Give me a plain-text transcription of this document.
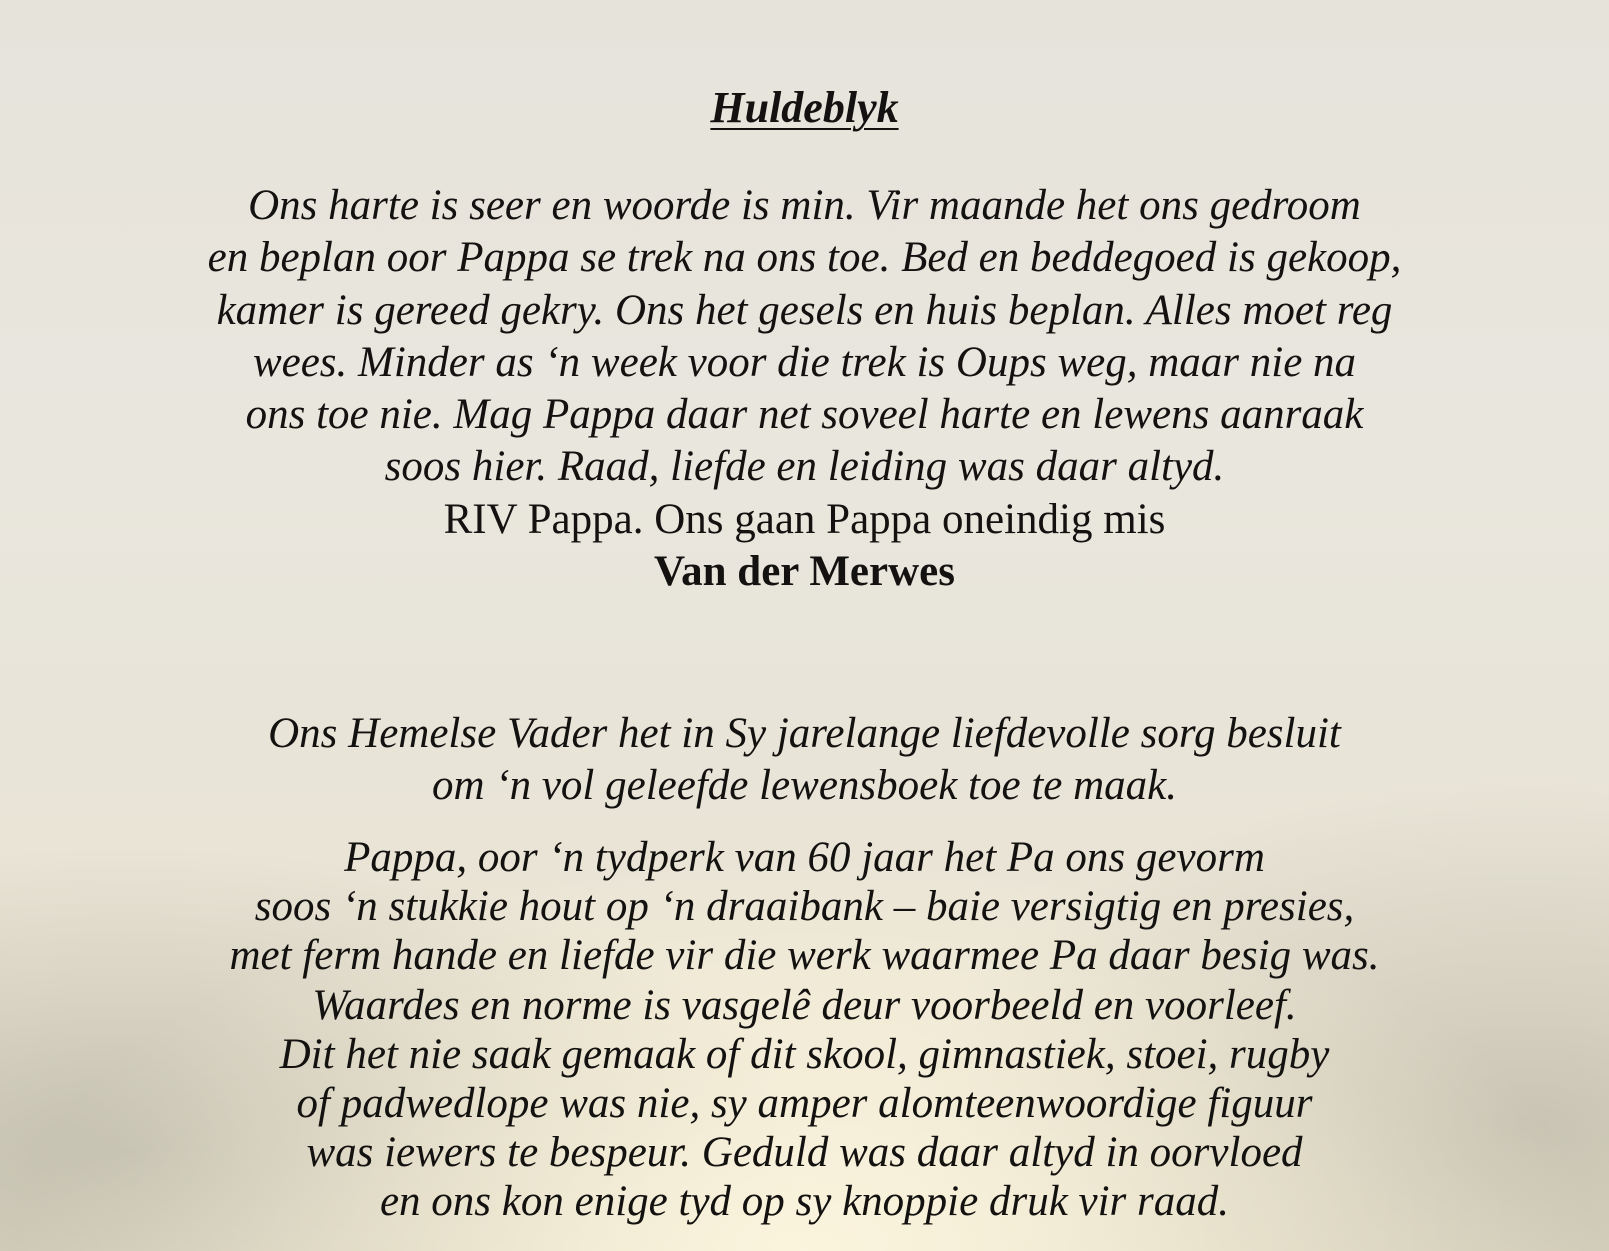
Huldeblyk
Ons harte is seer en woorde is min. Vir maande het ons gedroom
en beplan oor Pappa se trek na ons toe. Bed en beddegoed is gekoop,
kamer is gereed gekry. Ons het gesels en huis beplan. Alles moet reg
wees. Minder as ‘n week voor die trek is Oups weg, maar nie na
ons toe nie. Mag Pappa daar net soveel harte en lewens aanraak
soos hier. Raad, liefde en leiding was daar altyd.
RIV Pappa. Ons gaan Pappa oneindig mis
Van der Merwes
Ons Hemelse Vader het in Sy jarelange liefdevolle sorg besluit
om ‘n vol geleefde lewensboek toe te maak.
Pappa, oor ‘n tydperk van 60 jaar het Pa ons gevorm
soos ‘n stukkie hout op ‘n draaibank – baie versigtig en presies,
met ferm hande en liefde vir die werk waarmee Pa daar besig was.
Waardes en norme is vasgelê deur voorbeeld en voorleef.
Dit het nie saak gemaak of dit skool, gimnastiek, stoei, rugby
of padwedlope was nie, sy amper alomteenwoordige figuur
was iewers te bespeur. Geduld was daar altyd in oorvloed
en ons kon enige tyd op sy knoppie druk vir raad.
